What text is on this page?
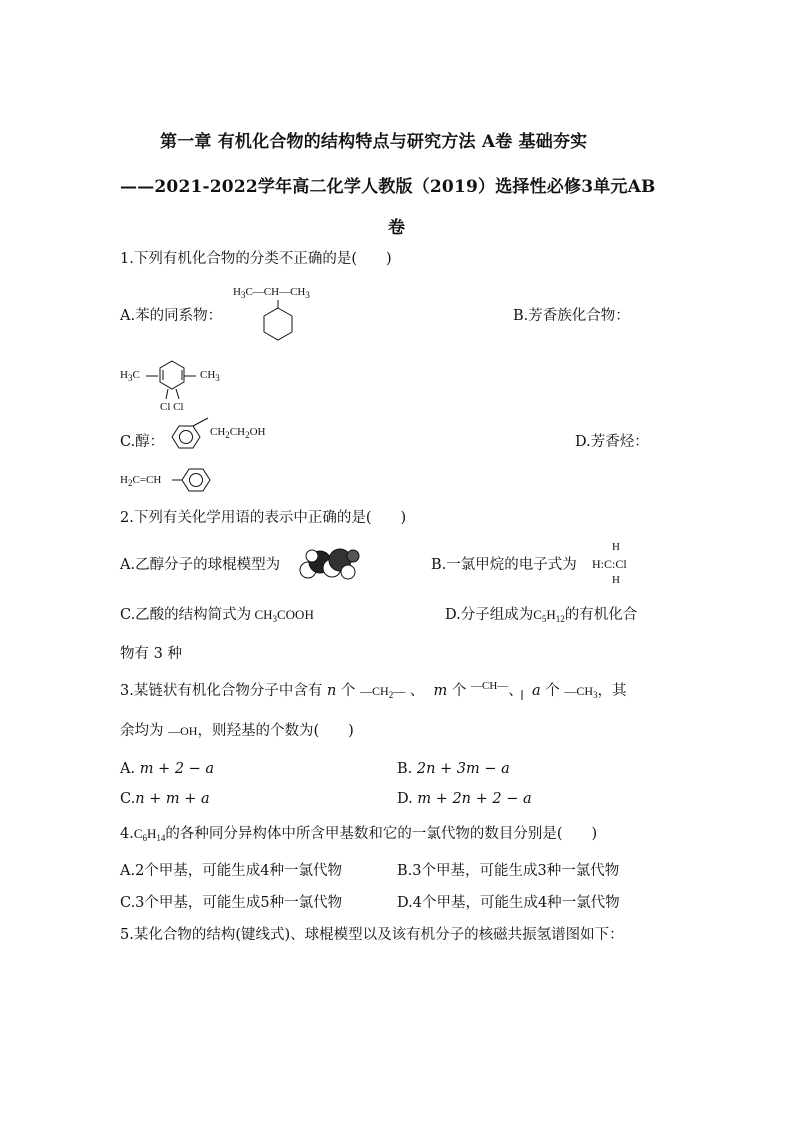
第一章 有机化合物的结构特点与研究方法 A卷 基础夯实
——2021-2022学年高二化学人教版（2019）选择性必修3单元AB
卷
1.下列有机化合物的分类不正确的是(　　)
$H_3C—CH—CH_3$
A.苯的同系物：	B.芳香族化合物：
$H_3C$	$CH_3$
Cl Cl
C.醇：
$CH_2CH_2OH$
D.芳香烃：
$H_2C=CH$
2.下列有关化学用语的表示中正确的是(　　)
A.乙醇分子的球棍模型为	B.一氯甲烷的电子式为
H
H:C:Cl
H
C.乙酸的结构简式为 $CH_3COOH$	D.分子组成为$C_5H_{12}$的有机化合
物有 3 种
3.某链状有机化合物分子中含有 n 个 $—CH_2—$ 、 m 个 $^{—CH—}$、 a 个 $—CH_3$，其
余均为 —OH，则羟基的个数为(　　)
A. m + 2 − a	B. 2n + 3m − a
C.n + m + a	D. m + 2n + 2 − a
$4.C_6H_{14}$的各种同分异构体中所含甲基数和它的一氯代物的数目分别是(　　)
A.2个甲基，可能生成4种一氯代物	B.3个甲基，可能生成3种一氯代物
C.3个甲基，可能生成5种一氯代物	D.4个甲基，可能生成4种一氯代物
5.某化合物的结构(键线式)、球棍模型以及该有机分子的核磁共振氢谱图如下：
